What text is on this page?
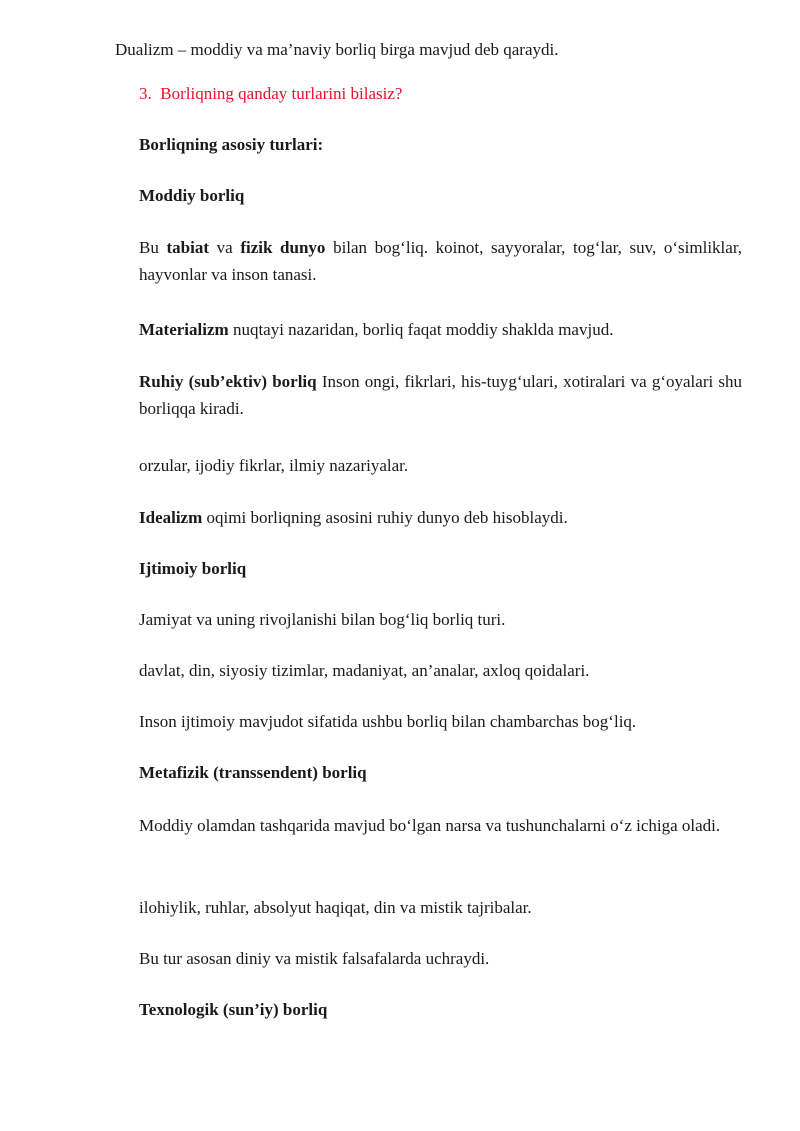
Dualizm – moddiy va ma’naviy borliq birga mavjud deb qaraydi.

3. Borliqning qanday turlarini bilasiz?

Borliqning asosiy turlari:

Moddiy borliq

Bu tabiat va fizik dunyo bilan bog‘liq. koinot, sayyoralar, tog‘lar, suv, o‘simliklar, hayvonlar va inson tanasi.

Materializm nuqtayi nazaridan, borliq faqat moddiy shaklda mavjud.

Ruhiy (sub’ektiv) borliq Inson ongi, fikrlari, his-tuyg‘ulari, xotiralari va g‘oyalari shu borliqqa kiradi.

orzular, ijodiy fikrlar, ilmiy nazariyalar.

Idealizm oqimi borliqning asosini ruhiy dunyo deb hisoblaydi.

Ijtimoiy borliq

Jamiyat va uning rivojlanishi bilan bog‘liq borliq turi.

davlat, din, siyosiy tizimlar, madaniyat, an’analar, axloq qoidalari.

Inson ijtimoiy mavjudot sifatida ushbu borliq bilan chambarchas bog‘liq.

Metafizik (transsendent) borliq

Moddiy olamdan tashqarida mavjud bo‘lgan narsa va tushunchalarni o‘z ichiga oladi.

ilohiylik, ruhlar, absolyut haqiqat, din va mistik tajribalar.

Bu tur asosan diniy va mistik falsafalarda uchraydi.

Texnologik (sun’iy) borliq
